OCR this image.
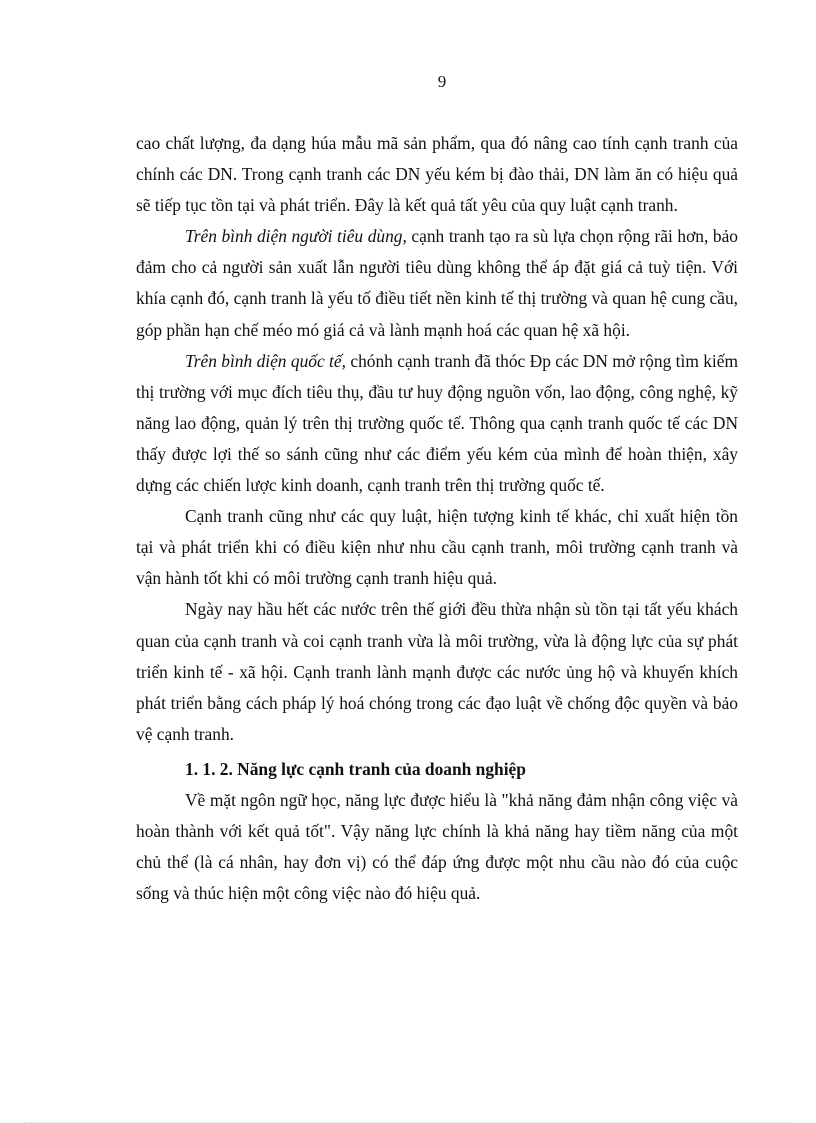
9

cao chất lượng, đa dạng húa mẫu mã sản phẩm, qua đó nâng cao tính cạnh tranh của chính các DN. Trong cạnh tranh các DN yếu kém bị đào thải, DN làm ăn có hiệu quả sẽ tiếp tục tồn tại và phát triển. Đây là kết quả tất yêu của quy luật cạnh tranh.

Trên bình diện người tiêu dùng, cạnh tranh tạo ra sù lựa chọn rộng rãi hơn, bảo đảm cho cả người sản xuất lẫn người tiêu dùng không thể áp đặt giá cả tuỳ tiện. Với khía cạnh đó, cạnh tranh là yếu tố điều tiết nền kinh tế thị trường và quan hệ cung cầu, góp phần hạn chế méo mó giá cả và lành mạnh hoá các quan hệ xã hội.

Trên bình diện quốc tế, chónh cạnh tranh đã thóc Đp các DN mở rộng tìm kiếm thị trường với mục đích tiêu thụ, đầu tư huy động nguồn vốn, lao động, công nghệ, kỹ năng lao động, quản lý trên thị trường quốc tế. Thông qua cạnh tranh quốc tế các DN thấy được lợi thế so sánh cũng như các điểm yếu kém của mình để hoàn thiện, xây dựng các chiến lược kinh doanh, cạnh tranh trên thị trường quốc tế.

Cạnh tranh cũng như các quy luật, hiện tượng kinh tế khác, chỉ xuất hiện tồn tại và phát triển khi có điều kiện như nhu cầu cạnh tranh, môi trường cạnh tranh và vận hành tốt khi có môi trường cạnh tranh hiệu quả.

Ngày nay hầu hết các nước trên thế giới đều thừa nhận sù tồn tại tất yếu khách quan của cạnh tranh và coi cạnh tranh vừa là môi trường, vừa là động lực của sự phát triển kinh tế - xã hội. Cạnh tranh lành mạnh được các nước ủng hộ và khuyến khích phát triển bằng cách pháp lý hoá chóng trong các đạo luật về chống độc quyền và bảo vệ cạnh tranh.

1. 1. 2. Năng lực cạnh tranh của doanh nghiệp

Về mặt ngôn ngữ học, năng lực được hiểu là "khả năng đảm nhận công việc và hoàn thành với kết quả tốt". Vậy năng lực chính là khả năng hay tiềm năng của một chủ thể (là cá nhân, hay đơn vị) có thể đáp ứng được một nhu cầu nào đó của cuộc sống và thúc hiện một công việc nào đó hiệu quả.
